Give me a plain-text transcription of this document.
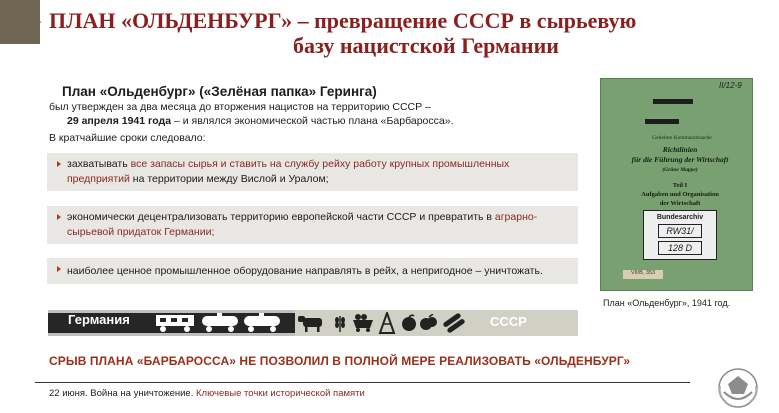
ПЛАН «ОЛЬДЕНБУРГ» – превращение СССР в сырьевую
базу нацистской Германии
План «Ольденбург» («Зелёная папка» Геринга)
был утвержден за два месяца до вторжения нацистов на территорию СССР –
29 апреля 1941 года – и являлся экономической частью плана «Барбаросса».
В кратчайшие сроки следовало:
захватывать все запасы сырья и ставить на службу рейху работу крупных промышленных предприятий на территории между Вислой и Уралом;
экономически децентрализовать территорию европейской части СССР и превратить в аграрно-сырьевой придаток Германии;
наиболее ценное промышленное оборудование направлять в рейх, а непригодное – уничтожать.
II/12-9
Geheime Kommandosache
Richtlinien
für die Führung der Wirtschaft
(Grüne Mappe)
Teil I
Aufgaben und Organisation
der Wirtschaft
Bundesarchiv
RW31/
128 D
VII/B, 353
План «Ольденбург», 1941 год.
Германия	СССР
СРЫВ ПЛАНА «БАРБАРОССА» НЕ ПОЗВОЛИЛ В ПОЛНОЙ МЕРЕ РЕАЛИЗОВАТЬ «ОЛЬДЕНБУРГ»
22 июня. Война на уничтожение. Ключевые точки исторической памяти
